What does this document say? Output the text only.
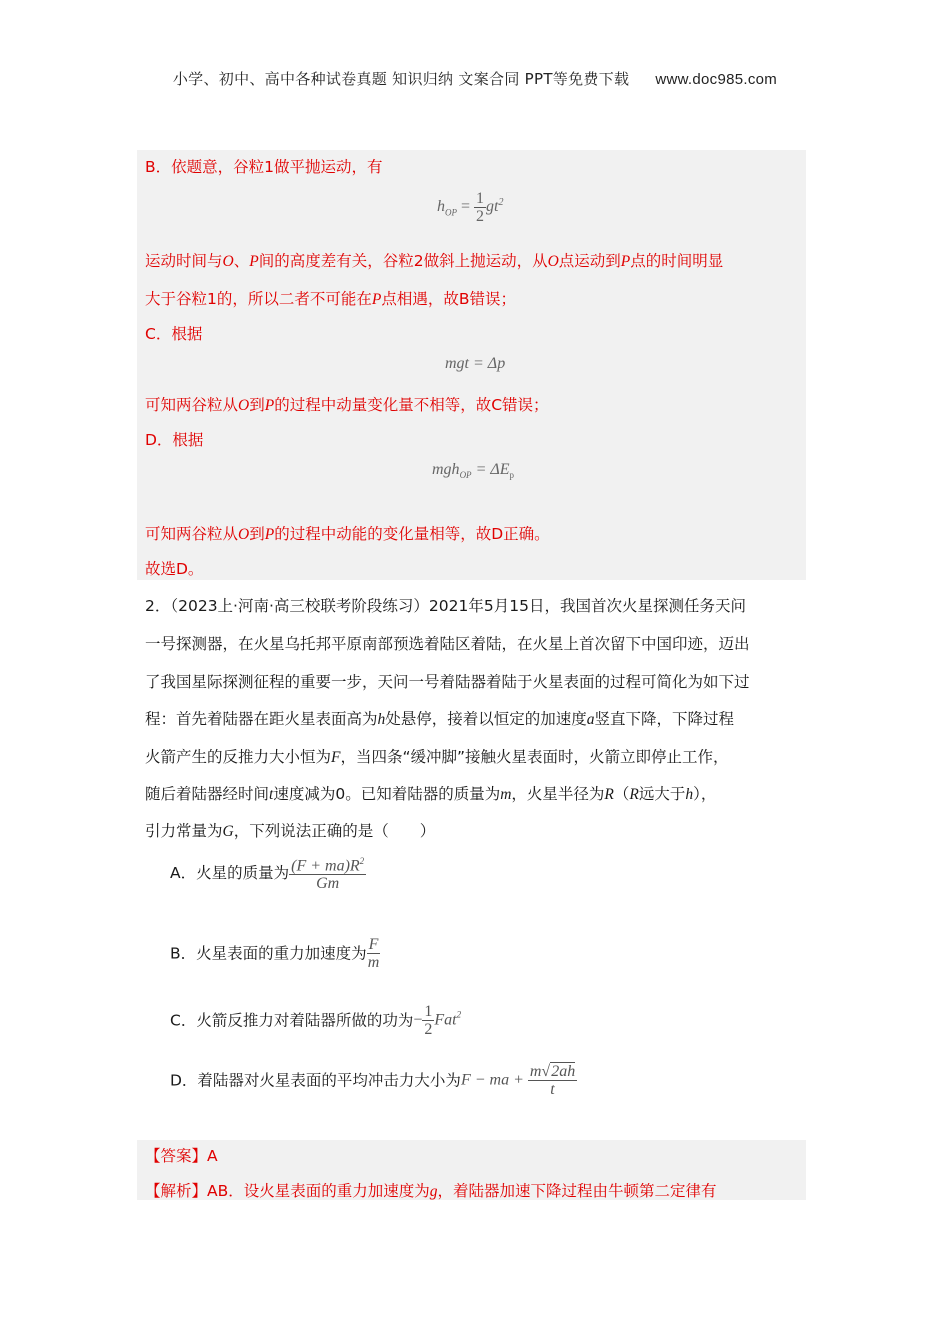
小学、初中、高中各种试卷真题 知识归纳 文案合同 PPT等免费下载 www.doc985.com
B．依题意，谷粒1做平抛运动，有
$h_{OP} = \frac{1}{2} gt^2$
运动时间与O、P间的高度差有关，谷粒2做斜上抛运动，从O点运动到P点的时间明显
大于谷粒1的，所以二者不可能在P点相遇，故B错误；
C．根据
mgt = Δp
可知两谷粒从O到P的过程中动量变化量不相等，故C错误；
D．根据
$mgh_{OP} = \Delta E_p$
可知两谷粒从O到P的过程中动能的变化量相等，故D正确。
故选D。
2．（2023上·河南·高三校联考阶段练习）2021年5月15日，我国首次火星探测任务天问
一号探测器，在火星乌托邦平原南部预选着陆区着陆，在火星上首次留下中国印迹，迈出
了我国星际探测征程的重要一步，天问一号着陆器着陆于火星表面的过程可简化为如下过
程：首先着陆器在距火星表面高为h处悬停，接着以恒定的加速度a竖直下降，下降过程
火箭产生的反推力大小恒为F，当四条“缓冲脚”接触火星表面时，火箭立即停止工作，
随后着陆器经时间t速度减为0。已知着陆器的质量为m，火星半径为R（R远大于h），
引力常量为G，下列说法正确的是（　　）
A．火星的质量为 $\frac{(F + ma)R^2}{Gm}$
B．火星表面的重力加速度为 $\frac{F}{m}$
C．火箭反推力对着陆器所做的功为− $\frac{1}{2} Fat^2$
D．着陆器对火星表面的平均冲击力大小为F − ma + $\frac{m√2ah}{t}$
【答案】A
【解析】AB．设火星表面的重力加速度为g，着陆器加速下降过程由牛顿第二定律有
